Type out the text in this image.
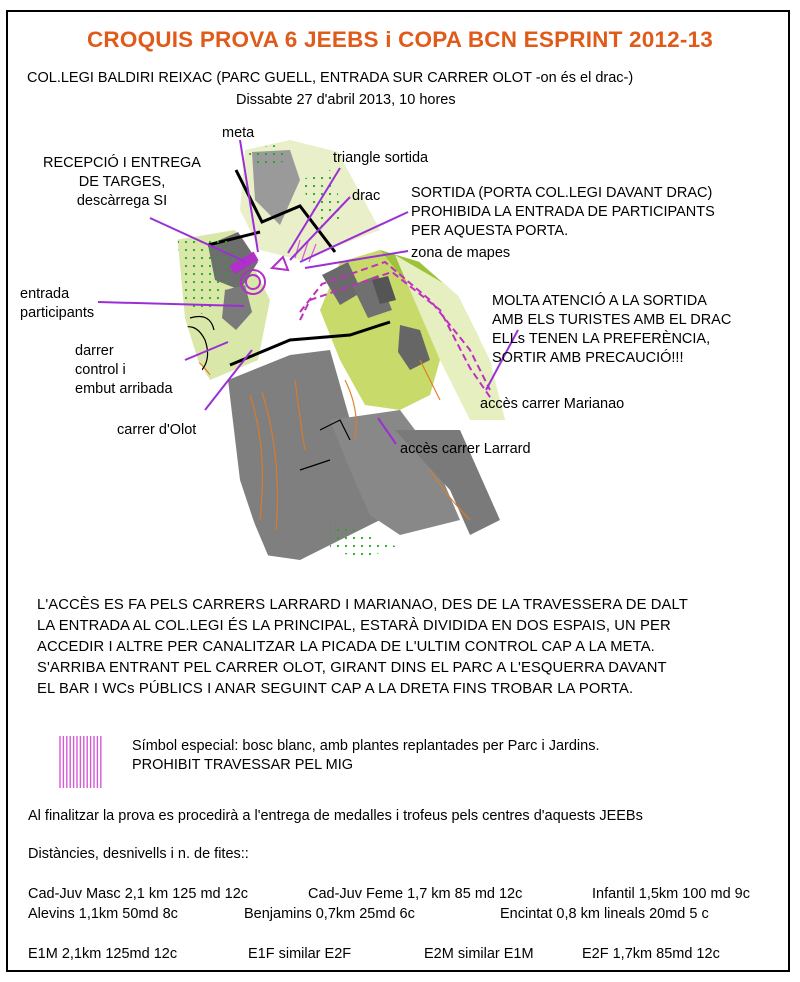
CROQUIS PROVA 6 JEEBS i COPA BCN ESPRINT 2012-13
COL.LEGI BALDIRI REIXAC (PARC GUELL, ENTRADA SUR CARRER OLOT -on és el drac-)
Dissabte 27 d'abril 2013, 10 hores
meta
RECEPCIÓ I ENTREGA
DE TARGES,
descàrrega SI
triangle sortida
drac SORTIDA (PORTA COL.LEGI DAVANT DRAC)
PROHIBIDA LA ENTRADA DE PARTICIPANTS
PER AQUESTA PORTA.
zona de mapes
entrada
participants
MOLTA ATENCIÓ A LA SORTIDA
AMB ELS TURISTES AMB EL DRAC
ELLs TENEN LA PREFERÈNCIA,
SORTIR AMB PRECAUCIÓ!!!
darrer
control i
embut arribada
accès carrer Marianao
carrer d'Olot
accès carrer Larrard
L'ACCÈS ES FA PELS CARRERS LARRARD I MARIANAO, DES DE LA TRAVESSERA DE DALT
LA ENTRADA AL COL.LEGI ÉS LA PRINCIPAL, ESTARÀ DIVIDIDA EN DOS ESPAIS, UN PER
ACCEDIR I ALTRE PER CANALITZAR LA PICADA DE L'ULTIM CONTROL CAP A LA META.
S'ARRIBA ENTRANT PEL CARRER OLOT, GIRANT DINS EL PARC A L'ESQUERRA DAVANT
EL BAR I WCs PÚBLICS I ANAR SEGUINT CAP A LA DRETA FINS TROBAR LA PORTA.
Símbol especial: bosc blanc, amb plantes replantades per Parc i Jardins.
PROHIBIT TRAVESSAR PEL MIG
Al finalitzar la prova es procedirà a l'entrega de medalles i trofeus pels centres d'aquests JEEBs
Distàncies, desnivells i n. de fites::
Cad-Juv Masc 2,1 km 125 md 12c	Cad-Juv Feme 1,7 km 85 md 12c	Infantil 1,5km 100 md 9c
Alevins 1,1km 50md 8c	Benjamins 0,7km 25md 6c	Encintat 0,8 km lineals 20md 5 c
E1M 2,1km 125md 12c	E1F similar E2F	E2M similar E1M	E2F 1,7km 85md 12c
